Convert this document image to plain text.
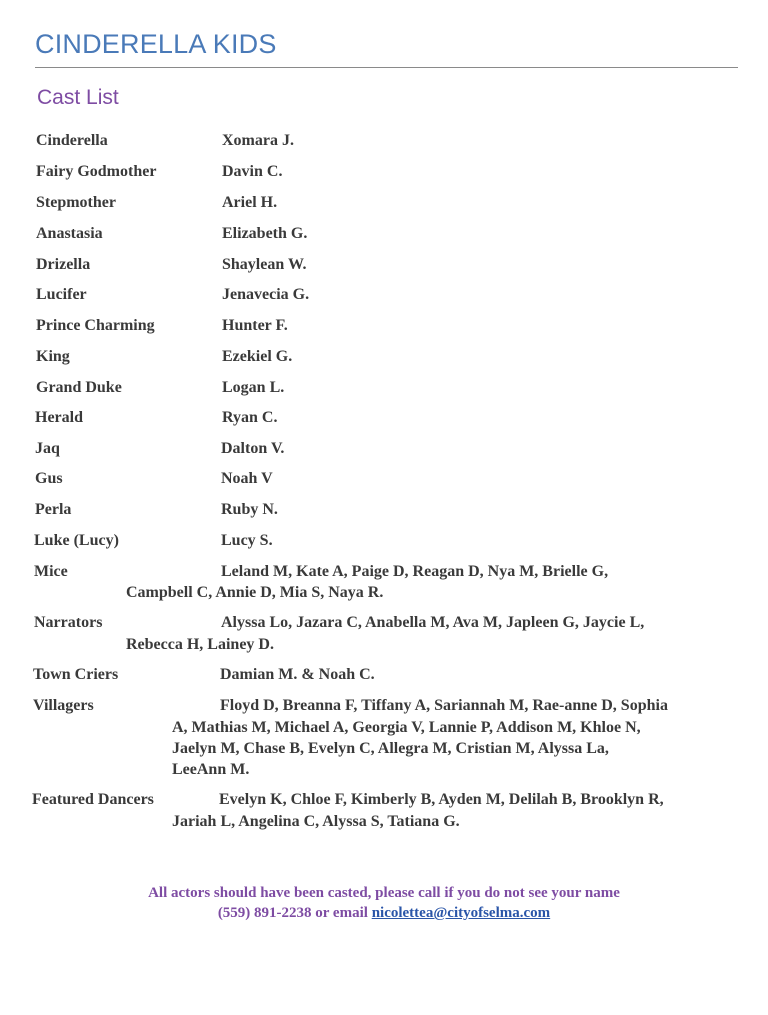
CINDERELLA KIDS
Cast List
Cinderella	Xomara J.
Fairy Godmother	Davin C.
Stepmother	Ariel H.
Anastasia	Elizabeth G.
Drizella	Shaylean W.
Lucifer	Jenavecia G.
Prince Charming	Hunter F.
King	Ezekiel G.
Grand Duke	Logan L.
Herald	Ryan C.
Jaq	Dalton V.
Gus	Noah V
Perla	Ruby N.
Luke (Lucy)	Lucy S.
Mice	Leland M, Kate A, Paige D, Reagan D, Nya M, Brielle G,
Campbell C, Annie D, Mia S, Naya R.
Narrators	Alyssa Lo, Jazara C, Anabella M, Ava M, Japleen G, Jaycie L,
Rebecca H, Lainey D.
Town Criers	Damian M. & Noah C.
Villagers	Floyd D, Breanna F, Tiffany A, Sariannah M, Rae-anne D, Sophia
A, Mathias M, Michael A, Georgia V, Lannie P, Addison M, Khloe N,
Jaelyn M, Chase B, Evelyn C, Allegra M, Cristian M, Alyssa La,
LeeAnn M.
Featured Dancers	Evelyn K, Chloe F, Kimberly B, Ayden M, Delilah B, Brooklyn R,
Jariah L, Angelina C, Alyssa S, Tatiana G.
All actors should have been casted, please call if you do not see your name
(559) 891-2238 or email nicolettea@cityofselma.com
